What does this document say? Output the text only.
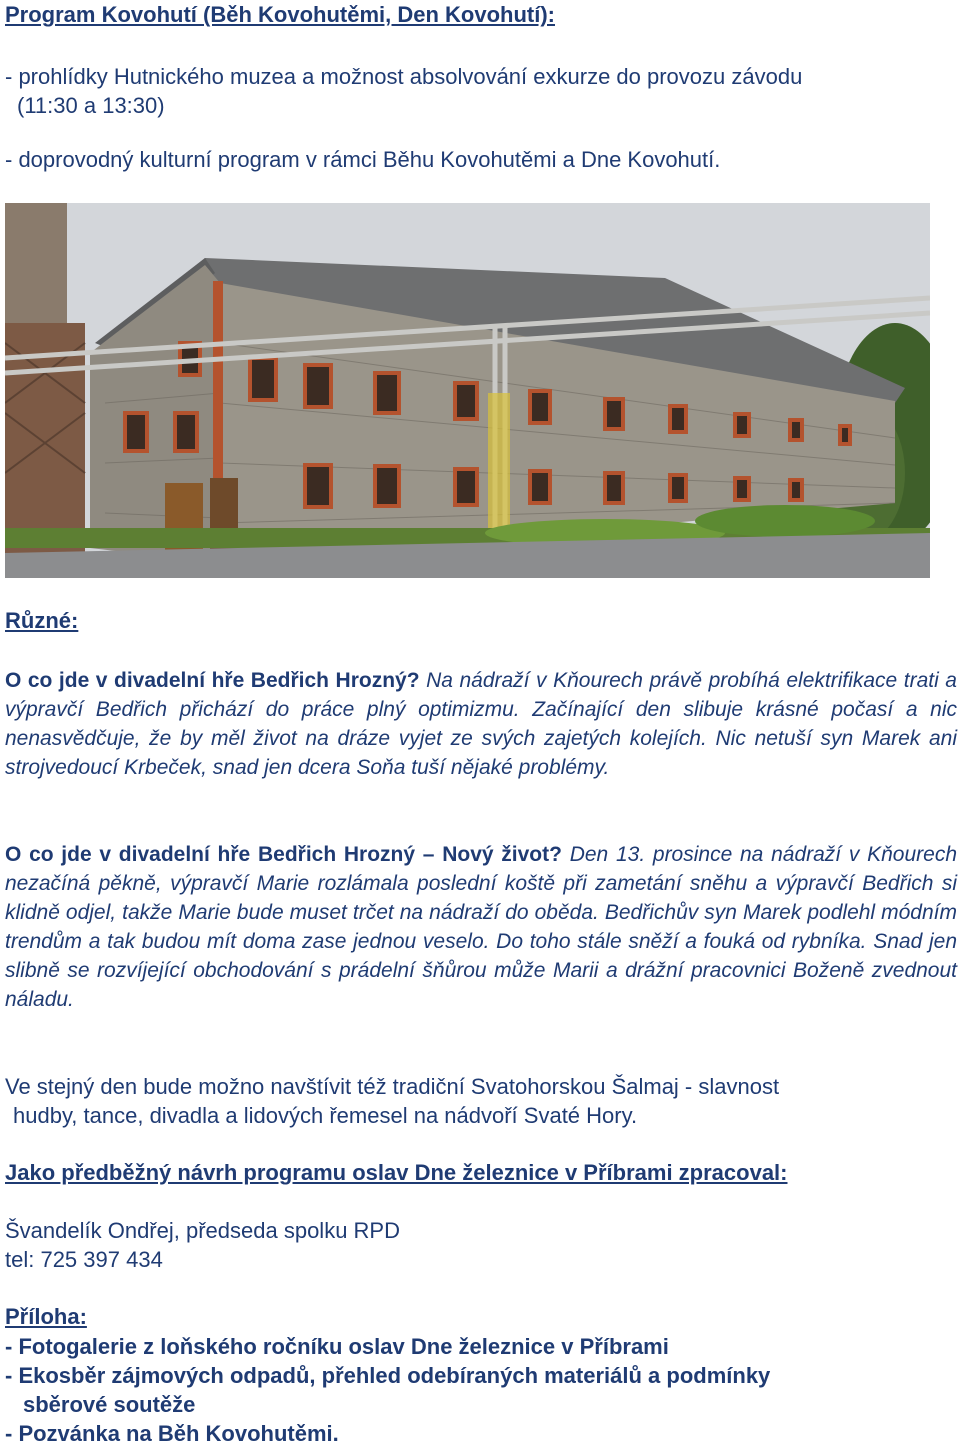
Program Kovohutí (Běh Kovohutěmi, Den Kovohutí):
- prohlídky Hutnického muzea a možnost absolvování exkurze do provozu závodu
(11:30 a 13:30)
- doprovodný kulturní program v rámci Běhu Kovohutěmi a Dne Kovohutí.
Různé:
O co jde v divadelní hře Bedřich Hrozný? Na nádraží v Kňourech právě probíhá elektrifikace trati a výpravčí Bedřich přichází do práce plný optimizmu. Začínající den slibuje krásné počasí a nic nenasvědčuje, že by měl život na dráze vyjet ze svých zajetých kolejích. Nic netuší syn Marek ani strojvedoucí Krbeček, snad jen dcera Soňa tuší nějaké problémy.
O co jde v divadelní hře Bedřich Hrozný – Nový život? Den 13. prosince na nádraží v Kňourech nezačíná pěkně, výpravčí Marie rozlámala poslední koště při zametání sněhu a výpravčí Bedřich si klidně odjel, takže Marie bude muset trčet na nádraží do oběda. Bedřichův syn Marek podlehl módním trendům a tak budou mít doma zase jednou veselo. Do toho stále sněží a fouká od rybníka. Snad jen slibně se rozvíjející obchodování s prádelní šňůrou může Marii a drážní pracovnici Boženě zvednout náladu.
Ve stejný den bude možno navštívit též tradiční Svatohorskou Šalmaj - slavnost
hudby, tance, divadla a lidových řemesel na nádvoří Svaté Hory.
Jako předběžný návrh programu oslav Dne železnice v Příbrami zpracoval:
Švandelík Ondřej, předseda spolku RPD
tel: 725 397 434
Příloha:
- Fotogalerie z loňského ročníku oslav Dne železnice v Příbrami
- Ekosběr zájmových odpadů, přehled odebíraných materiálů a podmínky
sběrové soutěže
- Pozvánka na Běh Kovohutěmi.
